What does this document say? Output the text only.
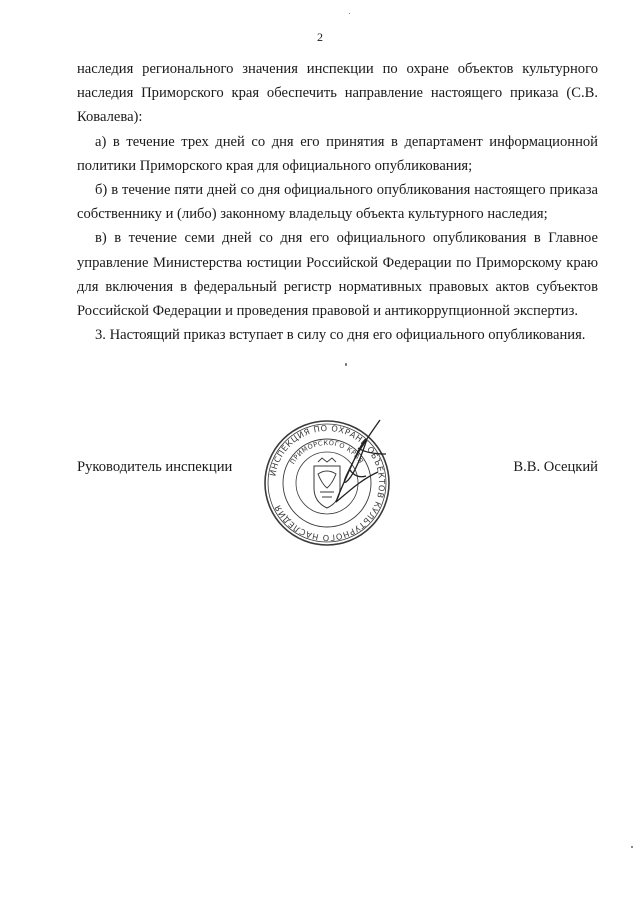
2

наследия регионального значения инспекции по охране объектов культурного наследия Приморского края обеспечить направление настоящего приказа (С.В. Ковалева):

а) в течение трех дней со дня его принятия в департамент информационной политики Приморского края для официального опубликования;

б) в течение пяти дней со дня официального опубликования настоящего приказа собственнику и (либо) законному владельцу объекта культурного наследия;

в) в течение семи дней со дня его официального опубликования в Главное управление Министерства юстиции Российской Федерации по Приморскому краю для включения в федеральный регистр нормативных правовых актов субъектов Российской Федерации и проведения правовой и антикоррупционной экспертиз.

3. Настоящий приказ вступает в силу со дня его официального опубликования.

Руководитель инспекции	В.В. Осецкий
ИНСПЕКЦИЯ ПО ОХРАНЕ ОБЪЕКТОВ КУЛЬТУРНОГО НАСЛЕДИЯ
ПРИМОРСКОГО КРАЯ
